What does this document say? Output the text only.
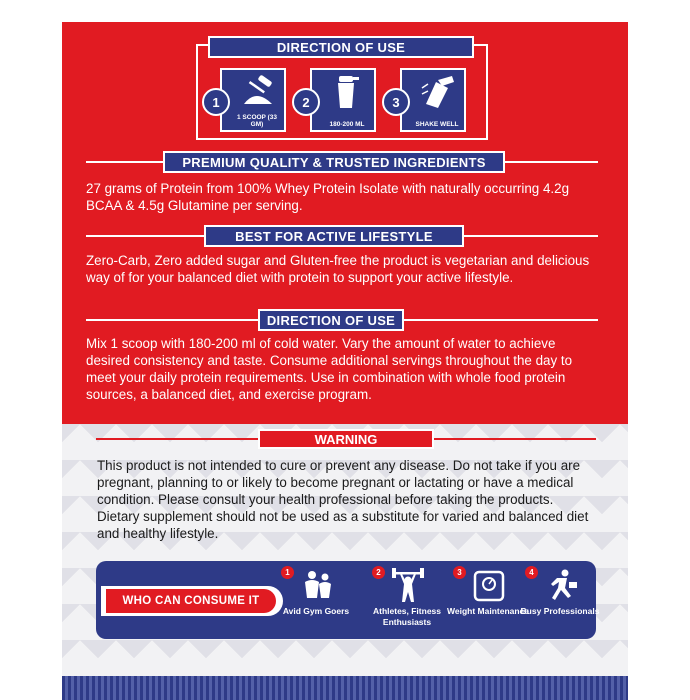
DIRECTION OF USE
1
1 SCOOP (33 GM)
2
180-200 ML
3
SHAKE WELL
PREMIUM QUALITY & TRUSTED INGREDIENTS
27 grams of Protein from 100% Whey Protein Isolate with naturally occurring 4.2g BCAA & 4.5g Glutamine per serving.
BEST FOR ACTIVE LIFESTYLE
Zero-Carb, Zero added sugar and Gluten-free the product is vegetarian and delicious way of for your balanced diet with protein to support your active lifestyle.
DIRECTION OF USE
Mix 1 scoop with 180-200 ml of cold water. Vary the amount of water to achieve desired consistency and taste. Consume additional servings throughout the day to meet your daily protein requirements. Use in combination with whole food protein sources, a balanced diet, and exercise program.
WARNING
This product is not intended to cure or prevent any disease. Do not take if you are pregnant, planning to or likely to become pregnant or lactating or have a medical condition. Please consult your health professional before taking the products. Dietary supplement should not be used as a substitute for varied and balanced diet and healthy lifestyle.
WHO CAN CONSUME IT
1
Avid Gym Goers
2
Athletes, Fitness Enthusiasts
3
Weight Maintenance
4
Busy Professionals
